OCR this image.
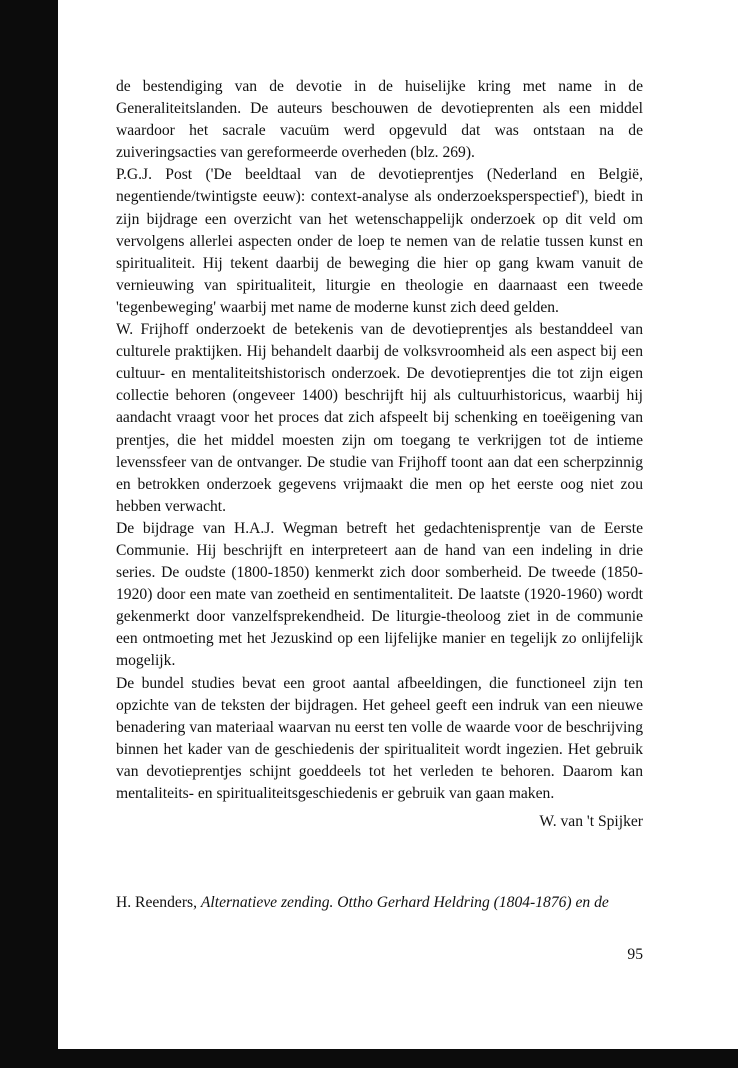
de bestendiging van de devotie in de huiselijke kring met name in de Generaliteitslanden. De auteurs beschouwen de devotieprenten als een middel waardoor het sacrale vacuüm werd opgevuld dat was ontstaan na de zuiveringsacties van gereformeerde overheden (blz. 269).

P.G.J. Post ('De beeldtaal van de devotieprentjes (Nederland en België, negentiende/twintigste eeuw): context-analyse als onderzoeksperspectief'), biedt in zijn bijdrage een overzicht van het wetenschappelijk onderzoek op dit veld om vervolgens allerlei aspecten onder de loep te nemen van de relatie tussen kunst en spiritualiteit. Hij tekent daarbij de beweging die hier op gang kwam vanuit de vernieuwing van spiritualiteit, liturgie en theologie en daarnaast een tweede 'tegenbeweging' waarbij met name de moderne kunst zich deed gelden.

W. Frijhoff onderzoekt de betekenis van de devotieprentjes als bestanddeel van culturele praktijken. Hij behandelt daarbij de volksvroomheid als een aspect bij een cultuur- en mentaliteitshistorisch onderzoek. De devotieprentjes die tot zijn eigen collectie behoren (ongeveer 1400) beschrijft hij als cultuurhistoricus, waarbij hij aandacht vraagt voor het proces dat zich afspeelt bij schenking en toeëigening van prentjes, die het middel moesten zijn om toegang te verkrijgen tot de intieme levenssfeer van de ontvanger. De studie van Frijhoff toont aan dat een scherpzinnig en betrokken onderzoek gegevens vrijmaakt die men op het eerste oog niet zou hebben verwacht.

De bijdrage van H.A.J. Wegman betreft het gedachtenisprentje van de Eerste Communie. Hij beschrijft en interpreteert aan de hand van een indeling in drie series. De oudste (1800-1850) kenmerkt zich door somberheid. De tweede (1850-1920) door een mate van zoetheid en sentimentaliteit. De laatste (1920-1960) wordt gekenmerkt door vanzelfsprekendheid. De liturgie-theoloog ziet in de communie een ontmoeting met het Jezuskind op een lijfelijke manier en tegelijk zo onlijfelijk mogelijk.

De bundel studies bevat een groot aantal afbeeldingen, die functioneel zijn ten opzichte van de teksten der bijdragen. Het geheel geeft een indruk van een nieuwe benadering van materiaal waarvan nu eerst ten volle de waarde voor de beschrijving binnen het kader van de geschiedenis der spiritualiteit wordt ingezien. Het gebruik van devotieprentjes schijnt goeddeels tot het verleden te behoren. Daarom kan mentaliteits- en spiritualiteitsgeschiedenis er gebruik van gaan maken.

W. van 't Spijker

H. Reenders, Alternatieve zending. Ottho Gerhard Heldring (1804-1876) en de
95
